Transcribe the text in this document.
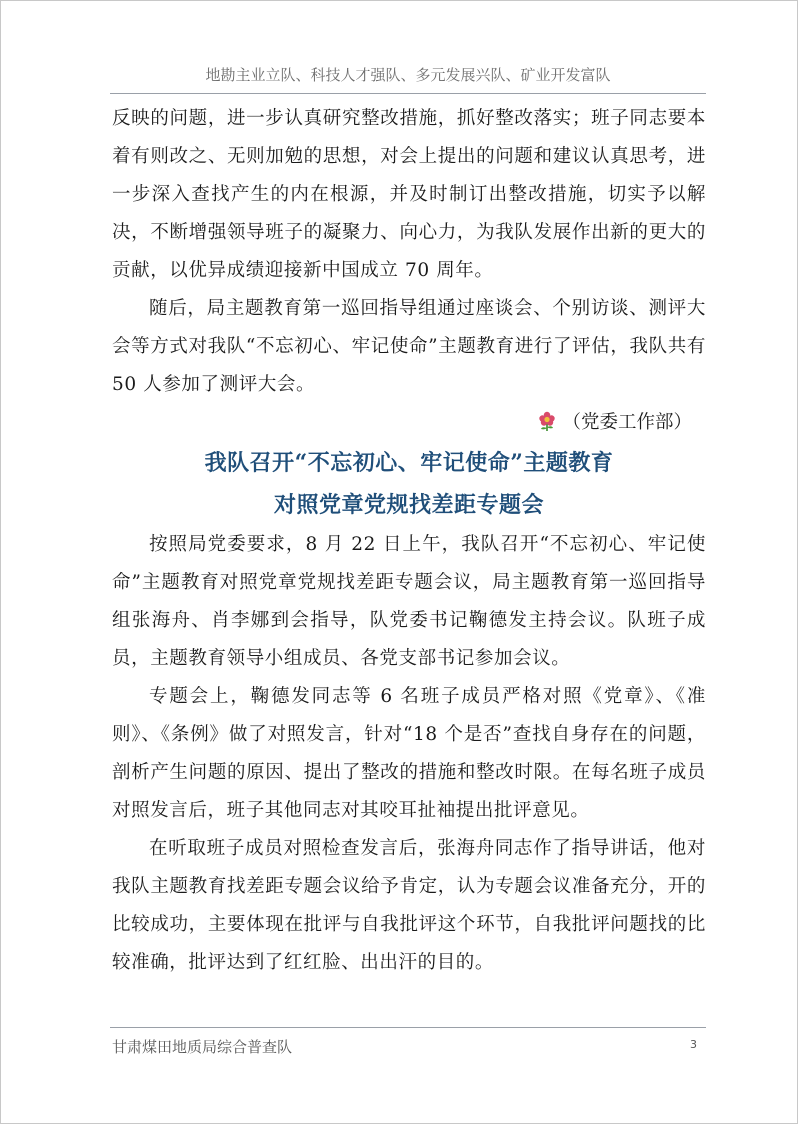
地勘主业立队、科技人才强队、多元发展兴队、矿业开发富队

反映的问题，进一步认真研究整改措施，抓好整改落实；班子同志要本着有则改之、无则加勉的思想，对会上提出的问题和建议认真思考，进一步深入查找产生的内在根源，并及时制订出整改措施，切实予以解决，不断增强领导班子的凝聚力、向心力，为我队发展作出新的更大的贡献，以优异成绩迎接新中国成立 70 周年。

随后，局主题教育第一巡回指导组通过座谈会、个别访谈、测评大会等方式对我队“不忘初心、牢记使命”主题教育进行了评估，我队共有 50 人参加了测评大会。

（党委工作部）

我队召开“不忘初心、牢记使命”主题教育

对照党章党规找差距专题会

按照局党委要求，8 月 22 日上午，我队召开“不忘初心、牢记使命”主题教育对照党章党规找差距专题会议，局主题教育第一巡回指导组张海舟、肖李娜到会指导，队党委书记鞠德发主持会议。队班子成员，主题教育领导小组成员、各党支部书记参加会议。

专题会上，鞠德发同志等 6 名班子成员严格对照《党章》、《准则》、《条例》做了对照发言，针对“18 个是否”查找自身存在的问题，剖析产生问题的原因、提出了整改的措施和整改时限。在每名班子成员对照发言后，班子其他同志对其咬耳扯袖提出批评意见。

在听取班子成员对照检查发言后，张海舟同志作了指导讲话，他对我队主题教育找差距专题会议给予肯定，认为专题会议准备充分，开的比较成功，主要体现在批评与自我批评这个环节，自我批评问题找的比较准确，批评达到了红红脸、出出汗的目的。

甘肃煤田地质局综合普查队	3
